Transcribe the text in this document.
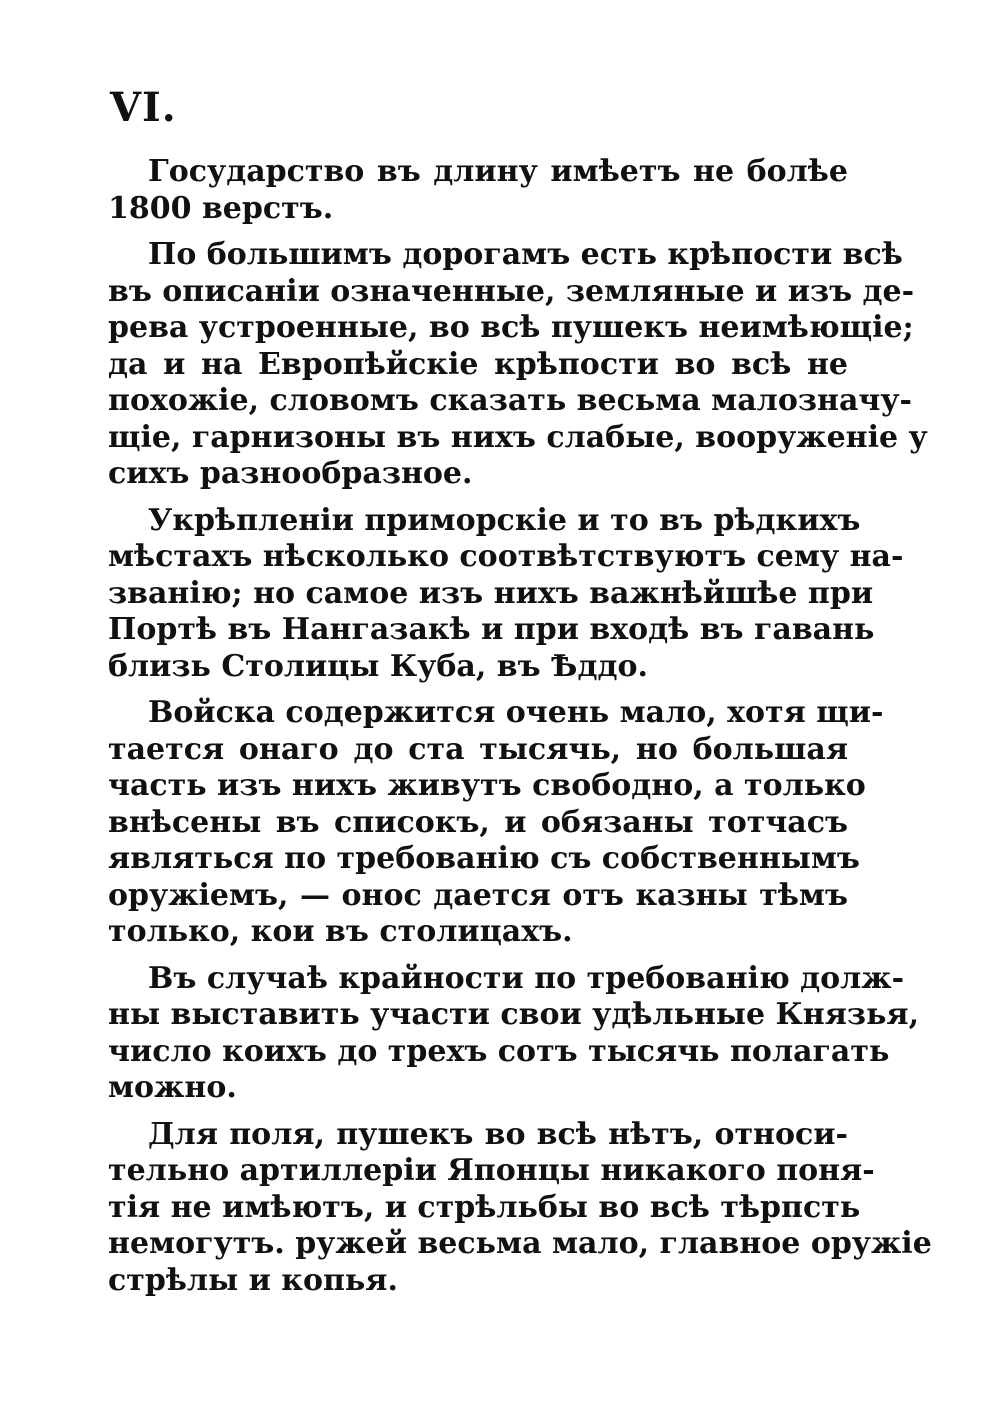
VI.
Государство въ длину имѣетъ не болѣе
1800 верстъ.
По большимъ дорогамъ есть крѣпости всѣ
въ описанiи означенные, земляные и изъ де-
рева устроенные, во всѣ пушекъ неимѣющiе;
да и на Европѣйскiе крѣпости во всѣ не
похожiе, словомъ сказать весьма малозначу-
щiе, гарнизоны въ нихъ слабые, вооруженiе у
сихъ разнообразное.
Укрѣпленiи приморскiе и то въ рѣдкихъ
мѣстахъ нѣсколько соотвѣтствуютъ сему на-
званiю; но самое изъ нихъ важнѣйшѣе при
Портѣ въ Нангазакѣ и при входѣ въ гавань
близь Столицы Куба, въ Ѣддо.
Войска содержится очень мало, хотя щи-
тается онаго до ста тысячь, но большая
часть изъ нихъ живутъ свободно, а только
внѣсены въ списокъ, и обязаны тотчасъ
являться по требованiю съ собственнымъ
оружiемъ, — онос дается отъ казны тѣмъ
только, кои въ столицахъ.
Въ случаѣ крайности по требованiю долж-
ны выставить участи свои удѣльные Князья,
число коихъ до трехъ сотъ тысячь полагать
можно.
Для поля, пушекъ во всѣ нѣтъ, относи-
тельно артиллерiи Японцы никакого поня-
тiя не имѣютъ, и стрѣльбы во всѣ тѣрпсть
немогутъ. ружей весьма мало, главное оружiе
стрѣлы и копья.
